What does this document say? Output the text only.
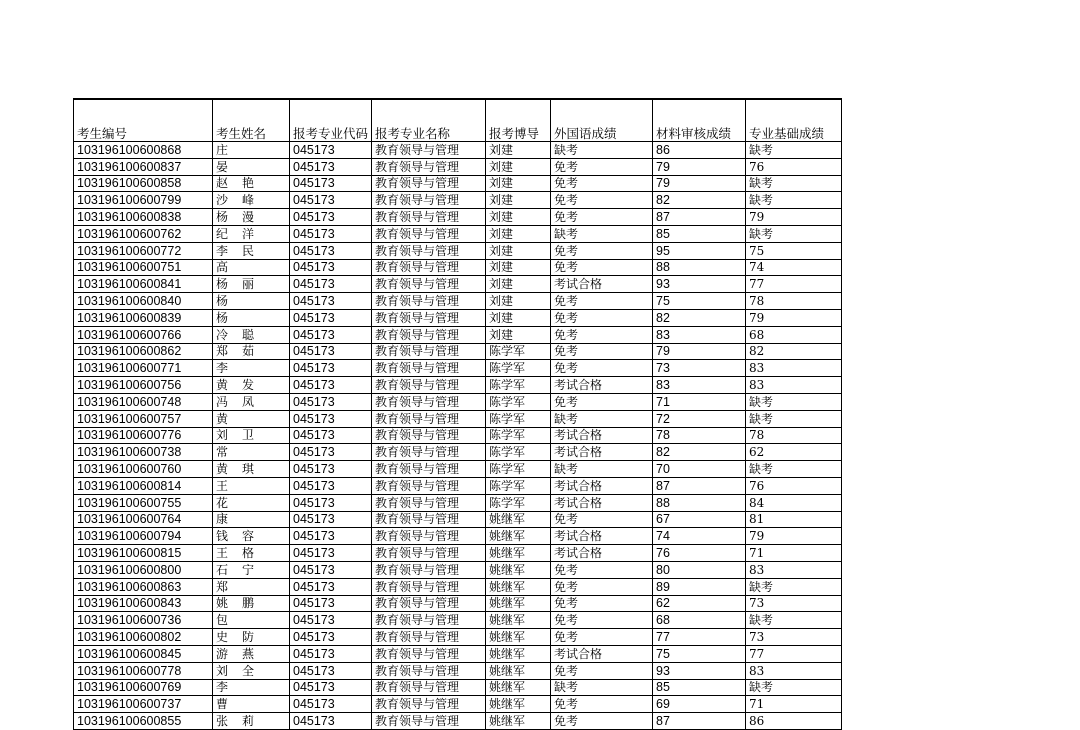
考生编号	考生姓名	报考专业代码	报考专业名称	报考博导	外国语成绩	材料审核成绩	专业基础成绩
103196100600868	庄	045173	教育领导与管理	刘建	缺考	86	缺考
103196100600837	晏	045173	教育领导与管理	刘建	免考	79	76
103196100600858	赵　艳	045173	教育领导与管理	刘建	免考	79	缺考
103196100600799	沙　峰	045173	教育领导与管理	刘建	免考	82	缺考
103196100600838	杨　漫	045173	教育领导与管理	刘建	免考	87	79
103196100600762	纪　洋	045173	教育领导与管理	刘建	缺考	85	缺考
103196100600772	李　民	045173	教育领导与管理	刘建	免考	95	75
103196100600751	高	045173	教育领导与管理	刘建	免考	88	74
103196100600841	杨　丽	045173	教育领导与管理	刘建	考试合格	93	77
103196100600840	杨	045173	教育领导与管理	刘建	免考	75	78
103196100600839	杨	045173	教育领导与管理	刘建	免考	82	79
103196100600766	冷　聪	045173	教育领导与管理	刘建	免考	83	68
103196100600862	郑　茹	045173	教育领导与管理	陈学军	免考	79	82
103196100600771	李	045173	教育领导与管理	陈学军	免考	73	83
103196100600756	黄　发	045173	教育领导与管理	陈学军	考试合格	83	83
103196100600748	冯　凤	045173	教育领导与管理	陈学军	免考	71	缺考
103196100600757	黄	045173	教育领导与管理	陈学军	缺考	72	缺考
103196100600776	刘　卫	045173	教育领导与管理	陈学军	考试合格	78	78
103196100600738	常	045173	教育领导与管理	陈学军	考试合格	82	62
103196100600760	黄　琪	045173	教育领导与管理	陈学军	缺考	70	缺考
103196100600814	王	045173	教育领导与管理	陈学军	考试合格	87	76
103196100600755	花	045173	教育领导与管理	陈学军	考试合格	88	84
103196100600764	康	045173	教育领导与管理	姚继军	免考	67	81
103196100600794	钱　容	045173	教育领导与管理	姚继军	考试合格	74	79
103196100600815	王　格	045173	教育领导与管理	姚继军	考试合格	76	71
103196100600800	石　宁	045173	教育领导与管理	姚继军	免考	80	83
103196100600863	郑	045173	教育领导与管理	姚继军	免考	89	缺考
103196100600843	姚　鹏	045173	教育领导与管理	姚继军	免考	62	73
103196100600736	包	045173	教育领导与管理	姚继军	免考	68	缺考
103196100600802	史　防	045173	教育领导与管理	姚继军	免考	77	73
103196100600845	游　燕	045173	教育领导与管理	姚继军	考试合格	75	77
103196100600778	刘　全	045173	教育领导与管理	姚继军	免考	93	83
103196100600769	李	045173	教育领导与管理	姚继军	缺考	85	缺考
103196100600737	曹	045173	教育领导与管理	姚继军	免考	69	71
103196100600855	张　莉	045173	教育领导与管理	姚继军	免考	87	86
